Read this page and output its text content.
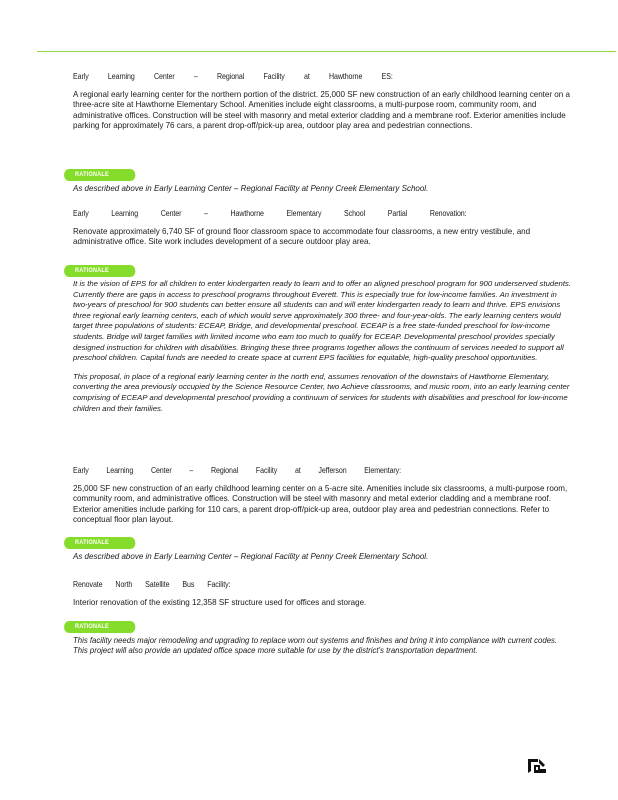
Early Learning Center – Regional Facility at Hawthorne ES:

A regional early learning center for the northern portion of the district. 25,000 SF new construction of an early childhood learning center on a three-acre site at Hawthorne Elementary School. Amenities include eight classrooms, a multi-purpose room, community room, and administrative offices. Construction will be steel with masonry and metal exterior cladding and a membrane roof. Exterior amenities include parking for approximately 76 cars, a parent drop-off/pick-up area, outdoor play area and pedestrian connections.

RATIONALE

As described above in Early Learning Center – Regional Facility at Penny Creek Elementary School.

Early	Learning	Center	–	Hawthorne	Elementary	School	Partial	Renovation:

Renovate approximately 6,740 SF of ground floor classroom space to accommodate four classrooms, a new entry vestibule, and administrative office. Site work includes development of a secure outdoor play area.

RATIONALE

It is the vision of EPS for all children to enter kindergarten ready to learn and to offer an aligned preschool program for 900 underserved students. Currently there are gaps in access to preschool programs throughout Everett. This is especially true for low-income families. An investment in two-years of preschool for 900 students can better ensure all students can and will enter kindergarten ready to learn and thrive. EPS envisions three regional early learning centers, each of which would serve approximately 300 three- and four-year-olds. The early learning centers would target three populations of students: ECEAP, Bridge, and developmental preschool. ECEAP is a free state-funded preschool for low-income students. Bridge will target families with limited income who earn too much to qualify for ECEAP. Developmental preschool provides specially designed instruction for children with disabilities. Bringing these three programs together allows the continuum of services needed to support all preschool children. Capital funds are needed to create space at current EPS facilities for equitable, high-quality preschool opportunities.

This proposal, in place of a regional early learning center in the north end, assumes renovation of the downstairs of Hawthorne Elementary, converting the area previously occupied by the Science Resource Center, two Achieve classrooms, and music room, into an early learning center comprising of ECEAP and developmental preschool providing a continuum of services for students with disabilities and preschool for low-income children and their families.

Early Learning Center – Regional Facility at Jefferson Elementary:

25,000 SF new construction of an early childhood learning center on a 5-acre site. Amenities include six classrooms, a multi-purpose room, community room, and administrative offices. Construction will be steel with masonry and metal exterior cladding and a membrane roof. Exterior amenities include parking for 110 cars, a parent drop-off/pick-up area, outdoor play area and pedestrian connections. Refer to conceptual floor plan layout.

RATIONALE

As described above in Early Learning Center – Regional Facility at Penny Creek Elementary School.

Renovate North Satellite Bus Facility:

Interior renovation of the existing 12,358 SF structure used for offices and storage.

RATIONALE

This facility needs major remodeling and upgrading to replace worn out systems and finishes and bring it into compliance with current codes. This project will also provide an updated office space more suitable for use by the district's transportation department.
